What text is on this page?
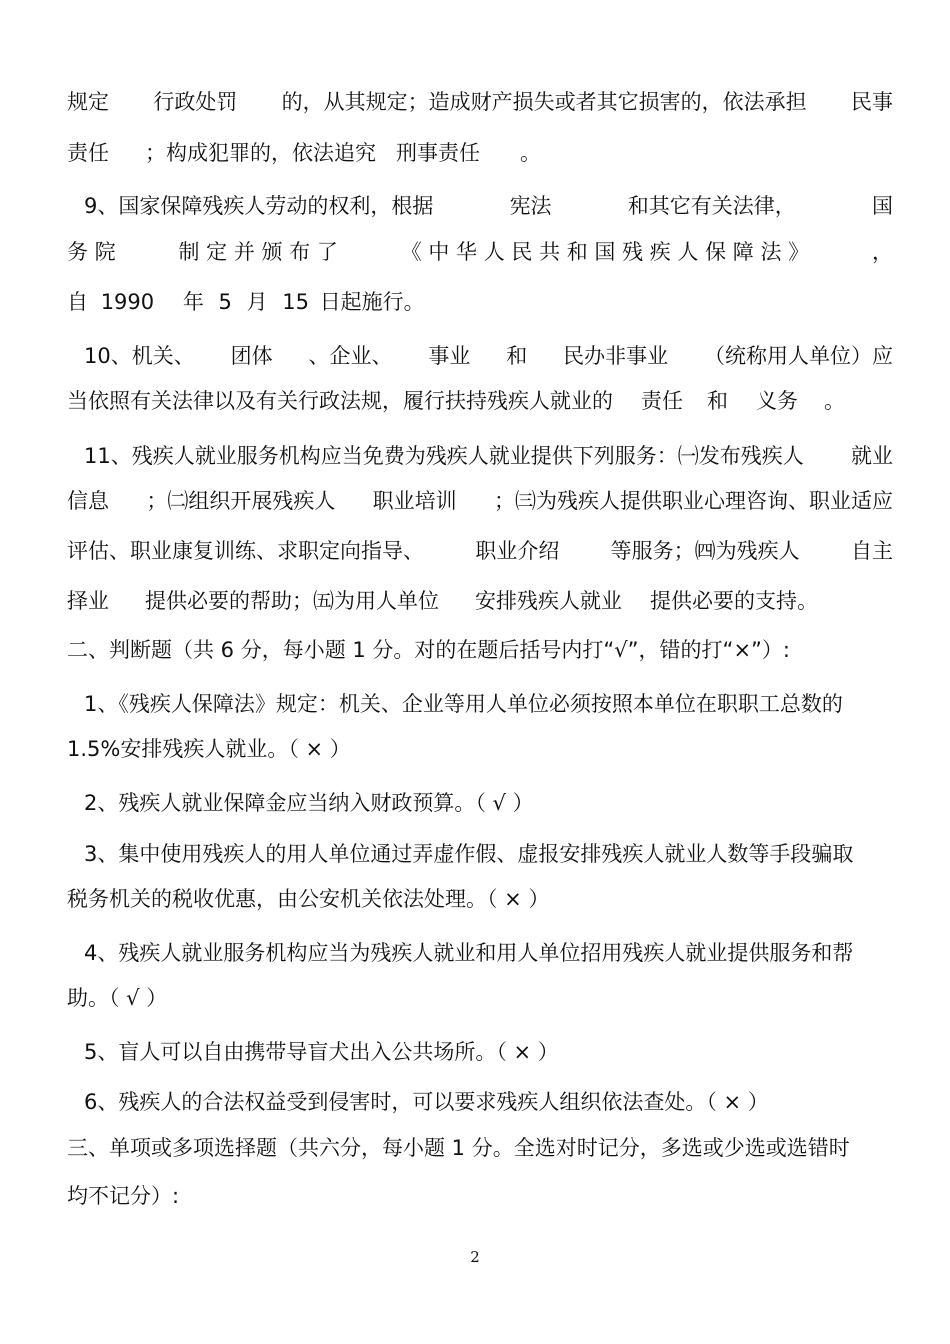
规定 行政处罚 的，从其规定；造成财产损失或者其它损害的，依法承担 民事
责任 ；构成犯罪的，依法追究 刑事责任 。
9、国家保障残疾人劳动的权利，根据	宪法	和其它有关法律，	国
务 院	制 定 并 颁 布 了	《 中 华 人 民 共 和 国 残 疾 人 保 障 法 》	，
自 1990 年 5 月 15 日起施行。
10、机关、 团体 、企业、 事业 和 民办非事业 （统称用人单位）应
当依照有关法律以及有关行政法规，履行扶持残疾人就业的 责任 和 义务 。
11、残疾人就业服务机构应当免费为残疾人就业提供下列服务：㈠发布残疾人 就业
信息 ；㈡组织开展残疾人 职业培训 ；㈢为残疾人提供职业心理咨询、职业适应
评估、职业康复训练、求职定向指导、 职业介绍 等服务；㈣为残疾人 自主
择业 提供必要的帮助；㈤为用人单位 安排残疾人就业 提供必要的支持。
二、判断题（共 6 分，每小题 1 分。对的在题后括号内打“√”，错的打“×”）:
1、《残疾人保障法》规定：机关、企业等用人单位必须按照本单位在职职工总数的
1.5%安排残疾人就业。（ × ）
2、残疾人就业保障金应当纳入财政预算。（ √ ）
3、集中使用残疾人的用人单位通过弄虚作假、虚报安排残疾人就业人数等手段骗取
税务机关的税收优惠，由公安机关依法处理。（ × ）
4、残疾人就业服务机构应当为残疾人就业和用人单位招用残疾人就业提供服务和帮
助。（ √ ）
5、盲人可以自由携带导盲犬出入公共场所。（ × ）
6、残疾人的合法权益受到侵害时，可以要求残疾人组织依法查处。（ × ）
三、单项或多项选择题（共六分，每小题 1 分。全选对时记分，多选或少选或选错时
均不记分）:
2
